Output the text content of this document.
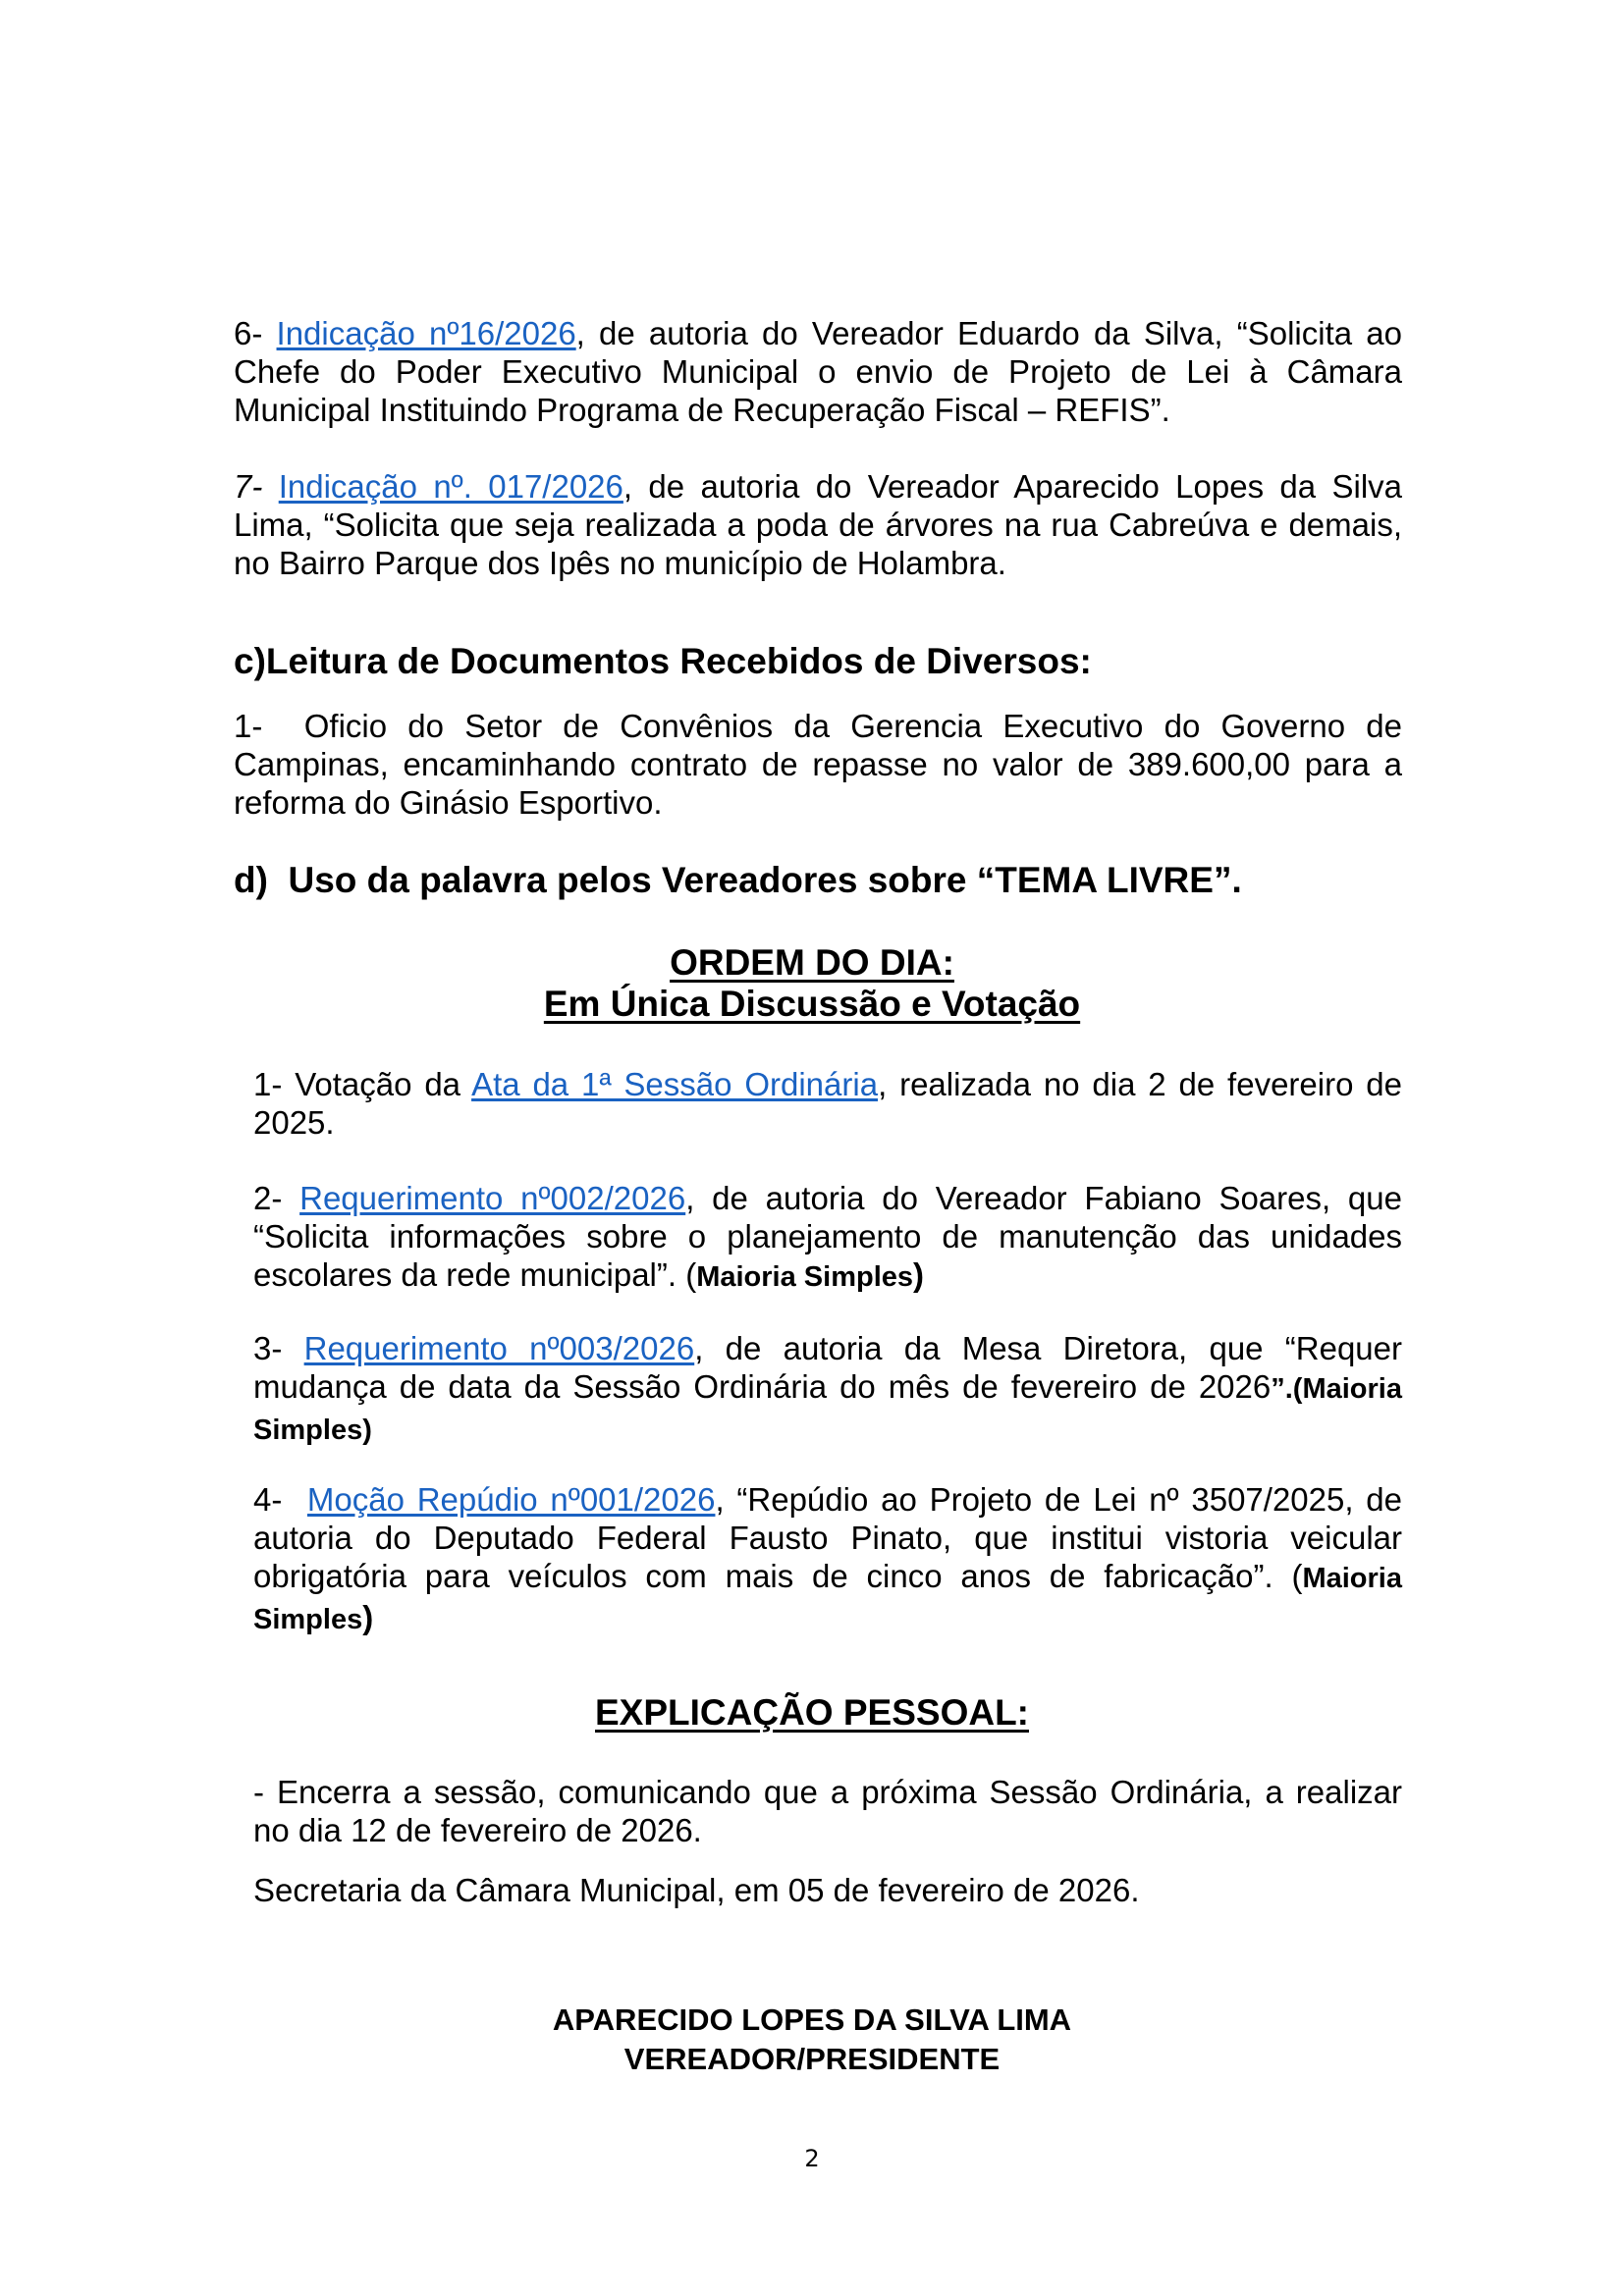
6- Indicação nº16/2026, de autoria do Vereador Eduardo da Silva, “Solicita ao Chefe do Poder Executivo Municipal o envio de Projeto de Lei à Câmara Municipal Instituindo Programa de Recuperação Fiscal – REFIS”.
7- Indicação nº. 017/2026, de autoria do Vereador Aparecido Lopes da Silva Lima, “Solicita que seja realizada a poda de árvores na rua Cabreúva e demais, no Bairro Parque dos Ipês no município de Holambra.
c)Leitura de Documentos Recebidos de Diversos:
1- Oficio do Setor de Convênios da Gerencia Executivo do Governo de Campinas, encaminhando contrato de repasse no valor de 389.600,00 para a reforma do Ginásio Esportivo.
d) Uso da palavra pelos Vereadores sobre “TEMA LIVRE”.
ORDEM DO DIA:
Em Única Discussão e Votação
1- Votação da Ata da 1ª Sessão Ordinária, realizada no dia 2 de fevereiro de 2025.
2- Requerimento nº002/2026, de autoria do Vereador Fabiano Soares, que “Solicita informações sobre o planejamento de manutenção das unidades escolares da rede municipal”. (Maioria Simples)
3- Requerimento nº003/2026, de autoria da Mesa Diretora, que “Requer mudança de data da Sessão Ordinária do mês de fevereiro de 2026”.(Maioria Simples)
4- Moção Repúdio nº001/2026, “Repúdio ao Projeto de Lei nº 3507/2025, de autoria do Deputado Federal Fausto Pinato, que institui vistoria veicular obrigatória para veículos com mais de cinco anos de fabricação”. (Maioria Simples)
EXPLICAÇÃO PESSOAL:
- Encerra a sessão, comunicando que a próxima Sessão Ordinária, a realizar no dia 12 de fevereiro de 2026.
Secretaria da Câmara Municipal, em 05 de fevereiro de 2026.
APARECIDO LOPES DA SILVA LIMA
VEREADOR/PRESIDENTE
2
